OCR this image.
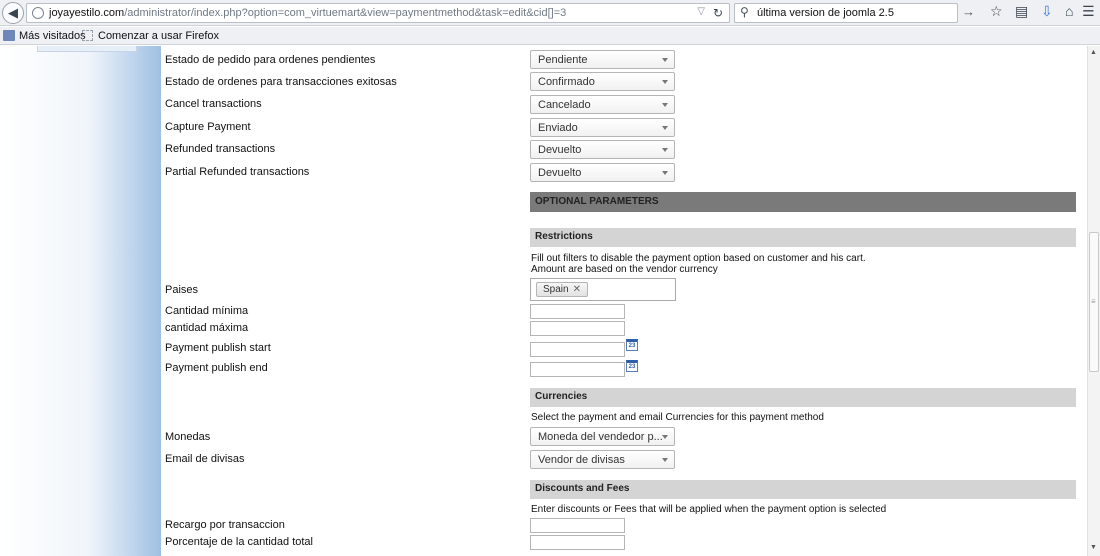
◀	joyayestilo.com/administrator/index.php?option=com_virtuemart&view=paymentmethod&task=edit&cid[]=3	▽ ↻ ⚲ última version de joomla 2.5	→ ☆ ▤ ⇩ ⌂ ☰
Más visitados Comenzar a usar Firefox
Estado de pedido para ordenes pendientes	Pendiente
Estado de ordenes para transacciones exitosas	Confirmado
Cancel transactions	Cancelado
Capture Payment	Enviado
Refunded transactions	Devuelto
Partial Refunded transactions	Devuelto
OPTIONAL PARAMETERS
Restrictions
Fill out filters to disable the payment option based on customer and his cart.
Amount are based on the vendor currency
Paises	Spain ✕
Cantidad mínima
cantidad máxima
Payment publish start	23
Payment publish end	23
Currencies
Select the payment and email Currencies for this payment method
Monedas	Moneda del vendedor p...
Email de divisas	Vendor de divisas
Discounts and Fees
Enter discounts or Fees that will be applied when the payment option is selected
Recargo por transaccion
Porcentaje de la cantidad total
▲
≡
▼
